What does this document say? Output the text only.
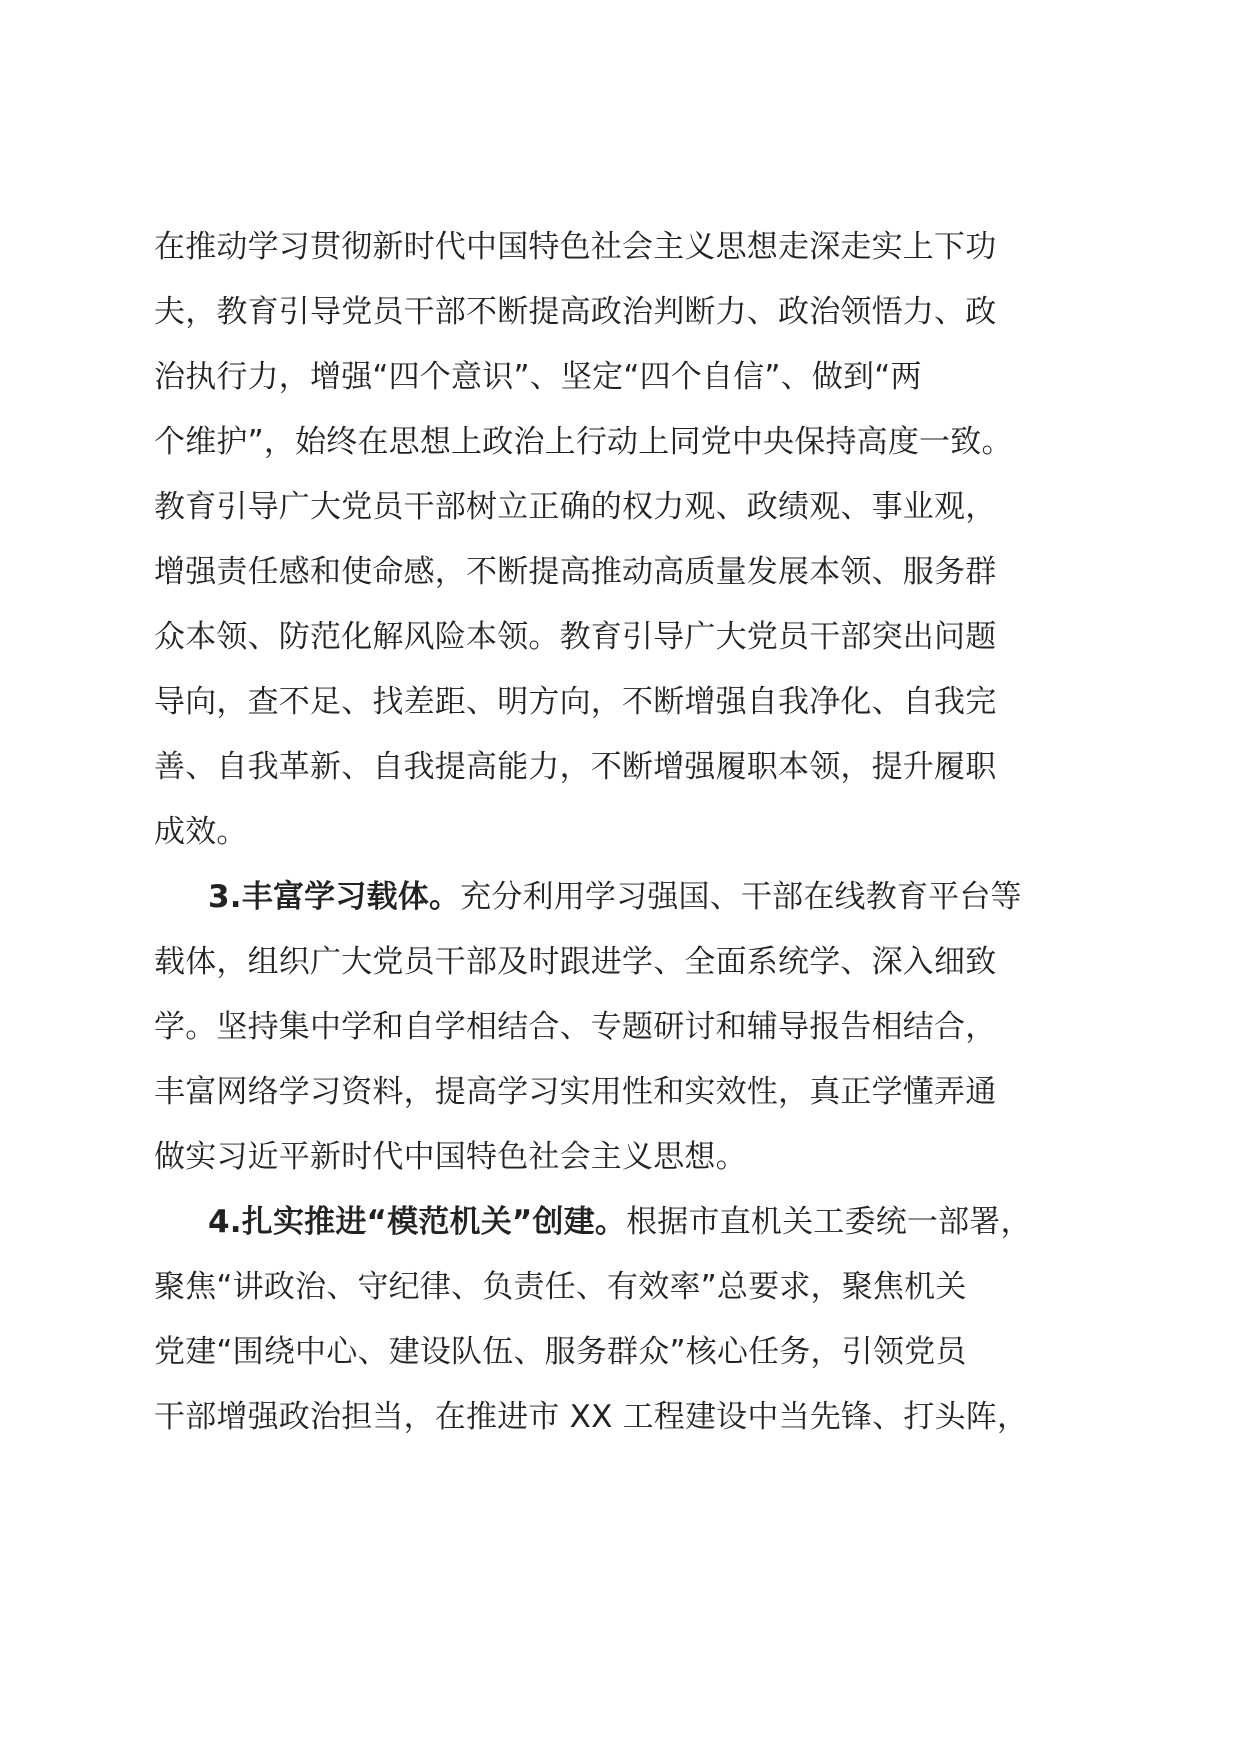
在推动学习贯彻新时代中国特色社会主义思想走深走实上下功
夫，教育引导党员干部不断提高政治判断力、政治领悟力、政
治执行力，增强“四个意识”、坚定“四个自信”、做到“两
个维护”，始终在思想上政治上行动上同党中央保持高度一致。
教育引导广大党员干部树立正确的权力观、政绩观、事业观，
增强责任感和使命感，不断提高推动高质量发展本领、服务群
众本领、防范化解风险本领。教育引导广大党员干部突出问题
导向，查不足、找差距、明方向，不断增强自我净化、自我完
善、自我革新、自我提高能力，不断增强履职本领，提升履职
成效。
3.丰富学习载体。充分利用学习强国、干部在线教育平台等
载体，组织广大党员干部及时跟进学、全面系统学、深入细致
学。坚持集中学和自学相结合、专题研讨和辅导报告相结合，
丰富网络学习资料，提高学习实用性和实效性，真正学懂弄通
做实习近平新时代中国特色社会主义思想。
4.扎实推进“模范机关”创建。根据市直机关工委统一部署，
聚焦“讲政治、守纪律、负责任、有效率”总要求，聚焦机关
党建“围绕中心、建设队伍、服务群众”核心任务，引领党员
干部增强政治担当，在推进市 XX 工程建设中当先锋、打头阵，
